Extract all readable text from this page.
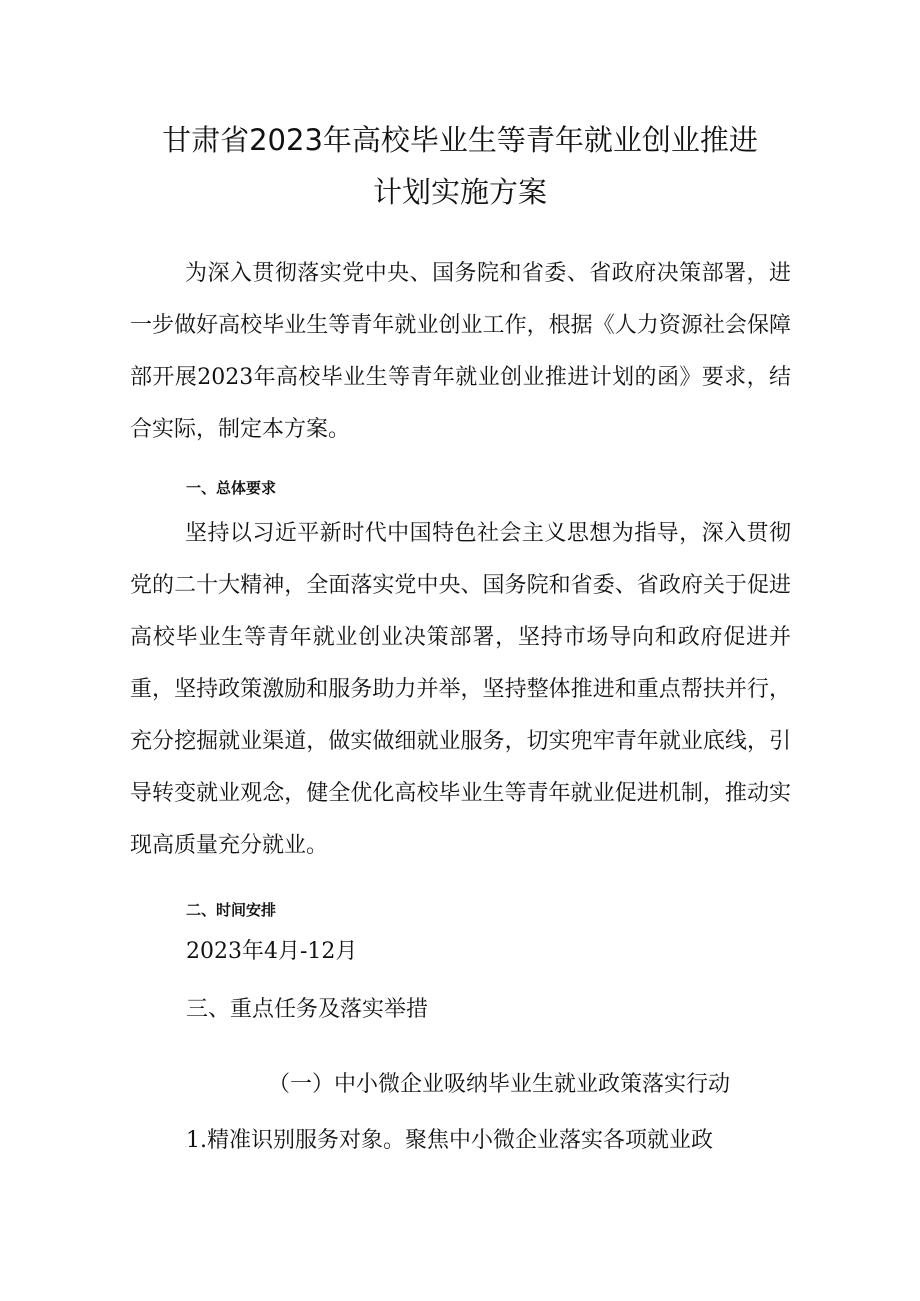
甘肃省2023年高校毕业生等青年就业创业推进
计划实施方案

为深入贯彻落实党中央、国务院和省委、省政府决策部署，进一步做好高校毕业生等青年就业创业工作，根据《人力资源社会保障部开展2023年高校毕业生等青年就业创业推进计划的函》要求，结合实际，制定本方案。

一、总体要求

坚持以习近平新时代中国特色社会主义思想为指导，深入贯彻党的二十大精神，全面落实党中央、国务院和省委、省政府关于促进高校毕业生等青年就业创业决策部署，坚持市场导向和政府促进并重，坚持政策激励和服务助力并举，坚持整体推进和重点帮扶并行，充分挖掘就业渠道，做实做细就业服务，切实兜牢青年就业底线，引导转变就业观念，健全优化高校毕业生等青年就业促进机制，推动实现高质量充分就业。

二、时间安排
2023年4月-12月
三、重点任务及落实举措
（一）中小微企业吸纳毕业生就业政策落实行动
1.精准识别服务对象。聚焦中小微企业落实各项就业政
